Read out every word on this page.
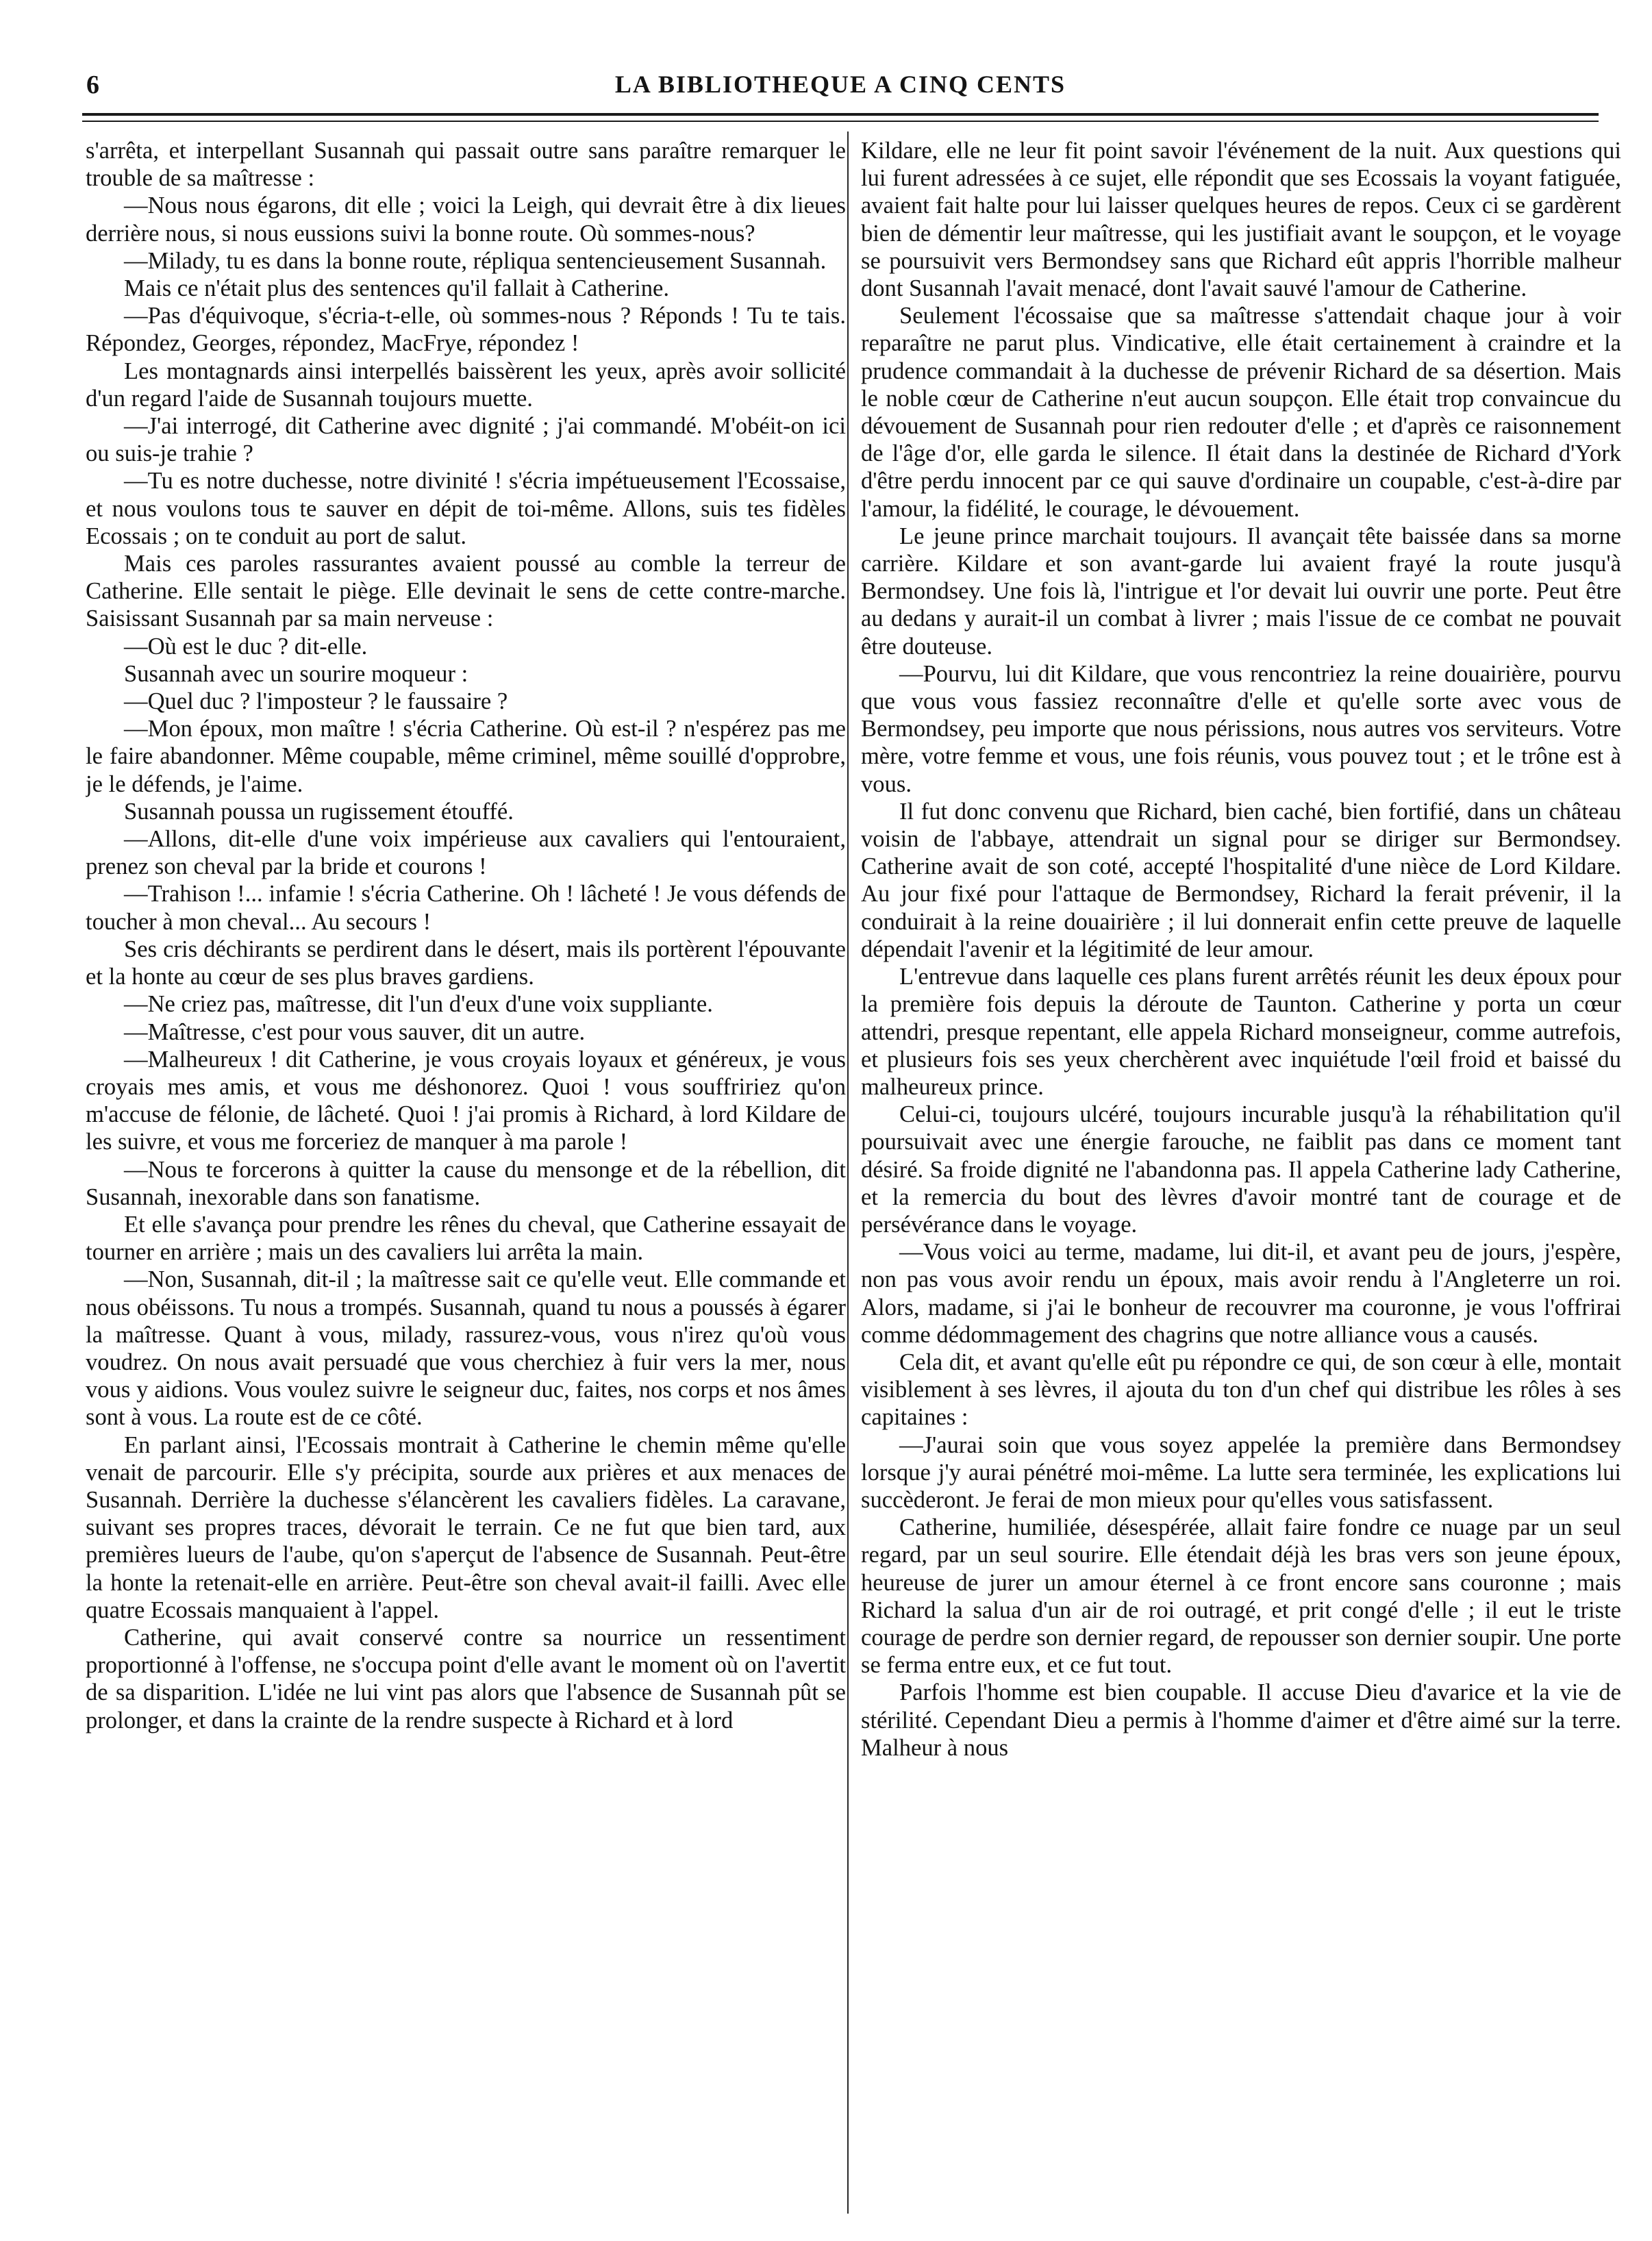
6	LA BIBLIOTHEQUE A CINQ CENTS

s'arrêta, et interpellant Susannah qui passait outre sans paraître remarquer le trouble de sa maîtresse :

—Nous nous égarons, dit elle ; voici la Leigh, qui devrait être à dix lieues derrière nous, si nous eussions suivi la bonne route. Où sommes-nous?

—Milady, tu es dans la bonne route, répliqua sentencieusement Susannah.

Mais ce n'était plus des sentences qu'il fallait à Catherine.

—Pas d'équivoque, s'écria-t-elle, où sommes-nous ? Réponds ! Tu te tais. Répondez, Georges, répondez, MacFrye, répondez !

Les montagnards ainsi interpellés baissèrent les yeux, après avoir sollicité d'un regard l'aide de Susannah toujours muette.

—J'ai interrogé, dit Catherine avec dignité ; j'ai commandé. M'obéit-on ici ou suis-je trahie ?

—Tu es notre duchesse, notre divinité ! s'écria impétueusement l'Ecossaise, et nous voulons tous te sauver en dépit de toi-même. Allons, suis tes fidèles Ecossais ; on te conduit au port de salut.

Mais ces paroles rassurantes avaient poussé au comble la terreur de Catherine. Elle sentait le piège. Elle devinait le sens de cette contre-marche. Saisissant Susannah par sa main nerveuse :

—Où est le duc ? dit-elle.

Susannah avec un sourire moqueur :

—Quel duc ? l'imposteur ? le faussaire ?

—Mon époux, mon maître ! s'écria Catherine. Où est-il ? n'espérez pas me le faire abandonner. Même coupable, même criminel, même souillé d'opprobre, je le défends, je l'aime.

Susannah poussa un rugissement étouffé.

—Allons, dit-elle d'une voix impérieuse aux cavaliers qui l'entouraient, prenez son cheval par la bride et courons !

—Trahison !... infamie ! s'écria Catherine. Oh ! lâcheté ! Je vous défends de toucher à mon cheval... Au secours !

Ses cris déchirants se perdirent dans le désert, mais ils portèrent l'épouvante et la honte au cœur de ses plus braves gardiens.

—Ne criez pas, maîtresse, dit l'un d'eux d'une voix suppliante.

—Maîtresse, c'est pour vous sauver, dit un autre.

—Malheureux ! dit Catherine, je vous croyais loyaux et généreux, je vous croyais mes amis, et vous me déshonorez. Quoi ! vous souffririez qu'on m'accuse de félonie, de lâcheté. Quoi ! j'ai promis à Richard, à lord Kildare de les suivre, et vous me forceriez de manquer à ma parole !

—Nous te forcerons à quitter la cause du mensonge et de la rébellion, dit Susannah, inexorable dans son fanatisme.

Et elle s'avança pour prendre les rênes du cheval, que Catherine essayait de tourner en arrière ; mais un des cavaliers lui arrêta la main.

—Non, Susannah, dit-il ; la maîtresse sait ce qu'elle veut. Elle commande et nous obéissons. Tu nous a trompés. Susannah, quand tu nous a poussés à égarer la maîtresse. Quant à vous, milady, rassurez-vous, vous n'irez qu'où vous voudrez. On nous avait persuadé que vous cherchiez à fuir vers la mer, nous vous y aidions. Vous voulez suivre le seigneur duc, faites, nos corps et nos âmes sont à vous. La route est de ce côté.

En parlant ainsi, l'Ecossais montrait à Catherine le chemin même qu'elle venait de parcourir. Elle s'y précipita, sourde aux prières et aux menaces de Susannah. Derrière la duchesse s'élancèrent les cavaliers fidèles. La caravane, suivant ses propres traces, dévorait le terrain. Ce ne fut que bien tard, aux premières lueurs de l'aube, qu'on s'aperçut de l'absence de Susannah. Peut-être la honte la retenait-elle en arrière. Peut-être son cheval avait-il failli. Avec elle quatre Ecossais manquaient à l'appel.

Catherine, qui avait conservé contre sa nourrice un ressentiment proportionné à l'offense, ne s'occupa point d'elle avant le moment où on l'avertit de sa disparition. L'idée ne lui vint pas alors que l'absence de Susannah pût se prolonger, et dans la crainte de la rendre suspecte à Richard et à lord

Kildare, elle ne leur fit point savoir l'événement de la nuit. Aux questions qui lui furent adressées à ce sujet, elle répondit que ses Ecossais la voyant fatiguée, avaient fait halte pour lui laisser quelques heures de repos. Ceux ci se gardèrent bien de démentir leur maîtresse, qui les justifiait avant le soupçon, et le voyage se poursuivit vers Bermondsey sans que Richard eût appris l'horrible malheur dont Susannah l'avait menacé, dont l'avait sauvé l'amour de Catherine.

Seulement l'écossaise que sa maîtresse s'attendait chaque jour à voir reparaître ne parut plus. Vindicative, elle était certainement à craindre et la prudence commandait à la duchesse de prévenir Richard de sa désertion. Mais le noble cœur de Catherine n'eut aucun soupçon. Elle était trop convaincue du dévouement de Susannah pour rien redouter d'elle ; et d'après ce raisonnement de l'âge d'or, elle garda le silence. Il était dans la destinée de Richard d'York d'être perdu innocent par ce qui sauve d'ordinaire un coupable, c'est-à-dire par l'amour, la fidélité, le courage, le dévouement.

Le jeune prince marchait toujours. Il avançait tête baissée dans sa morne carrière. Kildare et son avant-garde lui avaient frayé la route jusqu'à Bermondsey. Une fois là, l'intrigue et l'or devait lui ouvrir une porte. Peut être au dedans y aurait-il un combat à livrer ; mais l'issue de ce combat ne pouvait être douteuse.

—Pourvu, lui dit Kildare, que vous rencontriez la reine douairière, pourvu que vous vous fassiez reconnaître d'elle et qu'elle sorte avec vous de Bermondsey, peu importe que nous périssions, nous autres vos serviteurs. Votre mère, votre femme et vous, une fois réunis, vous pouvez tout ; et le trône est à vous.

Il fut donc convenu que Richard, bien caché, bien fortifié, dans un château voisin de l'abbaye, attendrait un signal pour se diriger sur Bermondsey. Catherine avait de son coté, accepté l'hospitalité d'une nièce de Lord Kildare. Au jour fixé pour l'attaque de Bermondsey, Richard la ferait prévenir, il la conduirait à la reine douairière ; il lui donnerait enfin cette preuve de laquelle dépendait l'avenir et la légitimité de leur amour.

L'entrevue dans laquelle ces plans furent arrêtés réunit les deux époux pour la première fois depuis la déroute de Taunton. Catherine y porta un cœur attendri, presque repentant, elle appela Richard monseigneur, comme autrefois, et plusieurs fois ses yeux cherchèrent avec inquiétude l'œil froid et baissé du malheureux prince.

Celui-ci, toujours ulcéré, toujours incurable jusqu'à la réhabilitation qu'il poursuivait avec une énergie farouche, ne faiblit pas dans ce moment tant désiré. Sa froide dignité ne l'abandonna pas. Il appela Catherine lady Catherine, et la remercia du bout des lèvres d'avoir montré tant de courage et de persévérance dans le voyage.

—Vous voici au terme, madame, lui dit-il, et avant peu de jours, j'espère, non pas vous avoir rendu un époux, mais avoir rendu à l'Angleterre un roi. Alors, madame, si j'ai le bonheur de recouvrer ma couronne, je vous l'offrirai comme dédommagement des chagrins que notre alliance vous a causés.

Cela dit, et avant qu'elle eût pu répondre ce qui, de son cœur à elle, montait visiblement à ses lèvres, il ajouta du ton d'un chef qui distribue les rôles à ses capitaines :

—J'aurai soin que vous soyez appelée la première dans Bermondsey lorsque j'y aurai pénétré moi-même. La lutte sera terminée, les explications lui succèderont. Je ferai de mon mieux pour qu'elles vous satisfassent.

Catherine, humiliée, désespérée, allait faire fondre ce nuage par un seul regard, par un seul sourire. Elle étendait déjà les bras vers son jeune époux, heureuse de jurer un amour éternel à ce front encore sans couronne ; mais Richard la salua d'un air de roi outragé, et prit congé d'elle ; il eut le triste courage de perdre son dernier regard, de repousser son dernier soupir. Une porte se ferma entre eux, et ce fut tout.

Parfois l'homme est bien coupable. Il accuse Dieu d'avarice et la vie de stérilité. Cependant Dieu a permis à l'homme d'aimer et d'être aimé sur la terre. Malheur à nous
